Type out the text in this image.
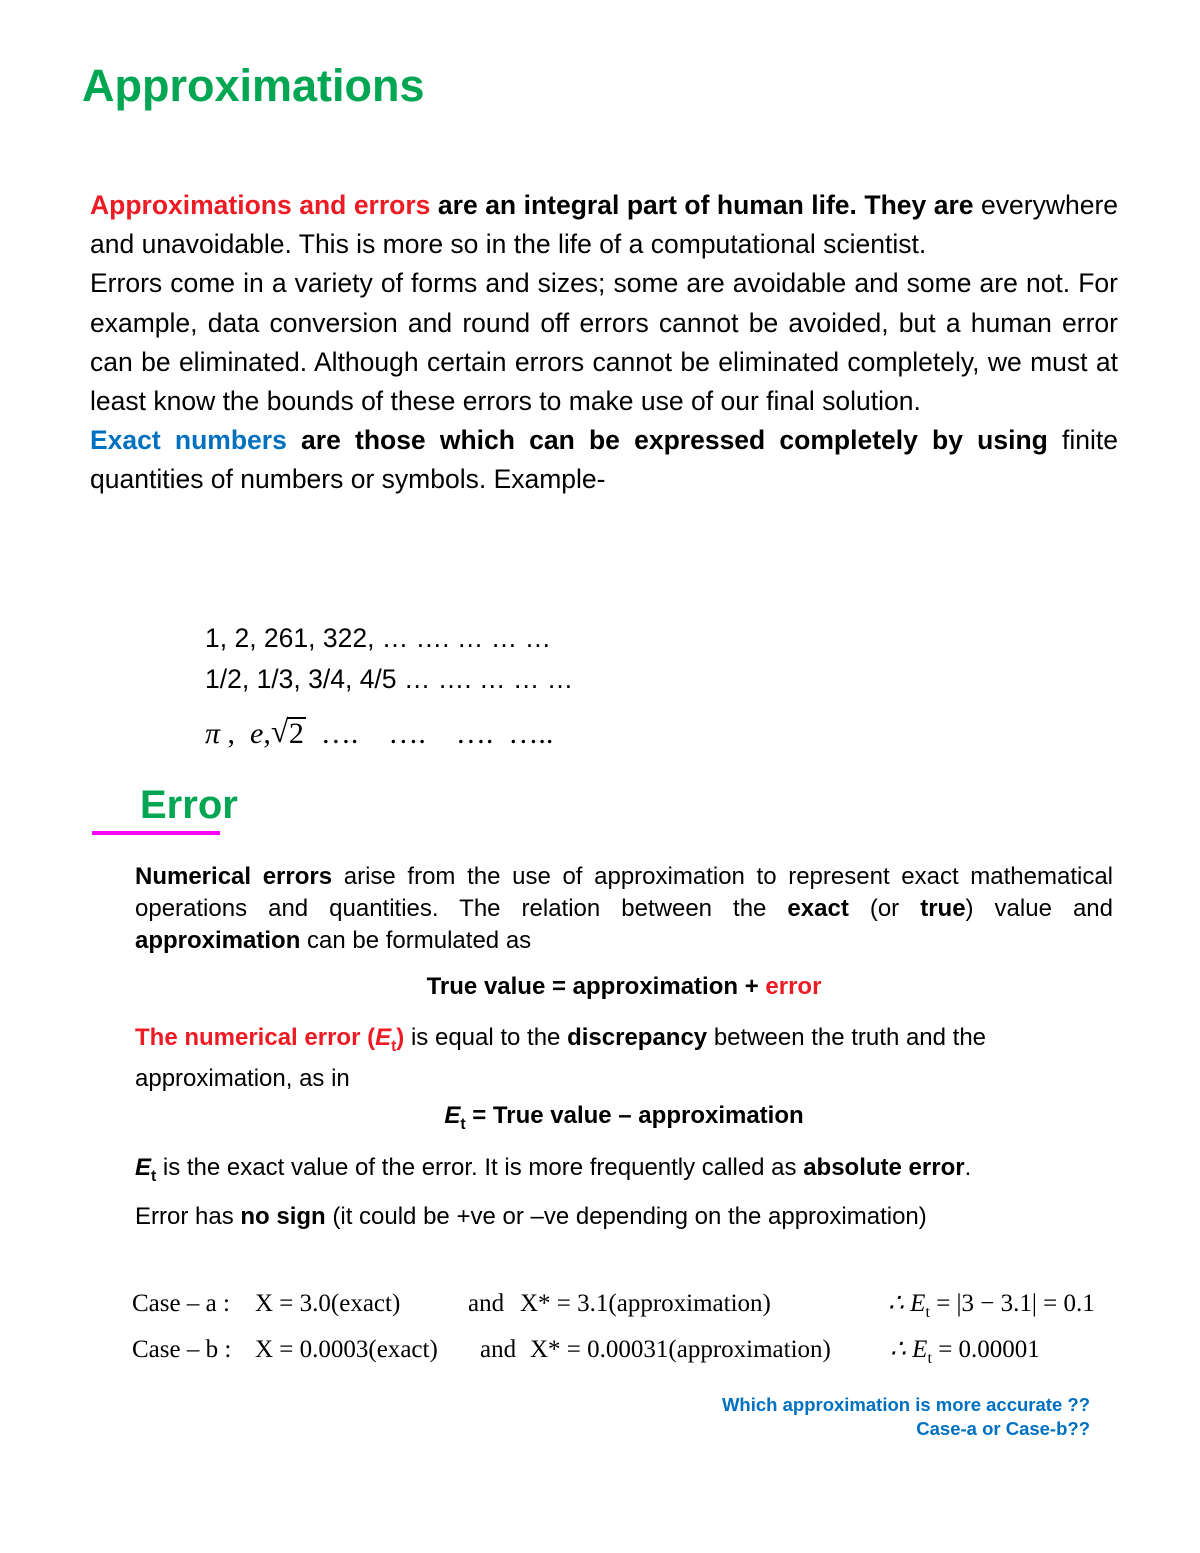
Approximations

Approximations and errors are an integral part of human life. They are everywhere and unavoidable. This is more so in the life of a computational scientist.

Errors come in a variety of forms and sizes; some are avoidable and some are not. For example, data conversion and round off errors cannot be avoided, but a human error can be eliminated. Although certain errors cannot be eliminated completely, we must at least know the bounds of these errors to make use of our final solution.

Exact numbers are those which can be expressed completely by using finite quantities of numbers or symbols. Example-

1, 2, 261, 322, … …. … … …
1/2, 1/3, 3/4, 4/5 … …. … … …
π ,  e, √ 2  ….    ….    ….  …..
Error

Numerical errors arise from the use of approximation to represent exact mathematical operations and quantities. The relation between the exact (or true) value and approximation can be formulated as

True value = approximation + error

The numerical error $(E_t)$ is equal to the discrepancy between the truth and the approximation, as in

$E_t$ = True value – approximation

$E_t$ is the exact value of the error. It is more frequently called as absolute error.

Error has no sign (it could be +ve or –ve depending on the approximation)

Case – a : X = 3.0(exact)	and X* = 3.1(approximation)	∴ $E_t = |3 - 3.1| = 0.1$
Case – b : X = 0.0003(exact) and X* = 0.00031(approximation) ∴ $E_t = 0.00001$
Which approximation is more accurate ??
Case-a or Case-b??
